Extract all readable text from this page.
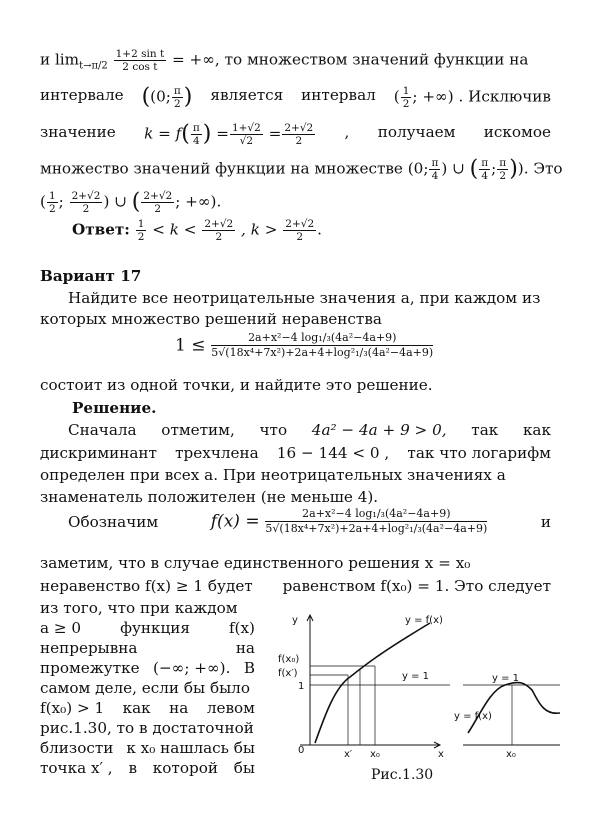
и $\lim_{t\to\pi/2} \frac{\text{1+2 sin t}}{\text{2 cos t}}$ = +∞, то множеством значений функции на
интервале ((0; $\frac{\pi}{2}$ ) является интервал ( $\frac{1}{2}$ ; +∞) . Исключив
значение $k = f( \frac{\pi}{4}$ ) = $\frac{1+√2}{√2} = \frac{2+√2}{2}$ , получаем искомое
множество значений функции на множестве (0; $\frac{\pi}{4}$ ) ∪ ( $\frac{\pi}{4}$ ; $\frac{\pi}{2}$ )). Это
( $\frac{1}{2}$ ; $\frac{2+√2}{2}$ ) ∪ ( $\frac{2+√2}{2}$ ; +∞).
Ответ: $\frac{1}{2} < k < \frac{2+√2}{2}$ , $k > \frac{2+√2}{2}$ .
Вариант 17
Найдите все неотрицательные значения a, при каждом из
которых множество решений неравенства
$1 \le \frac{\text{2a+x²−4 log₁/₃(4a²−4a+9)}}{\text{5√(18x⁴+7x²)+2a+4+log²₁/₃(4a²−4a+9)}}$
состоит из одной точки, и найдите это решение.
Решение.
Сначала отметим, что 4a² − 4a + 9 > 0, так как
дискриминант трехчлена 16 − 144 < 0 , так что логарифм
определен при всех a. При неотрицательных значениях a
знаменатель положителен (не меньше 4).
Обозначим	$f(x) = \frac{\text{2a+x²−4 log₁/₃(4a²−4a+9)}}{\text{5√(18x⁴+7x²)+2a+4+log²₁/₃(4a²−4a+9)}}$	и
заметим, что в случае единственного решения x = x₀
неравенство f(x) ≥ 1 будет равенством f(x₀) = 1. Это следует
из того, что при каждом
a ≥ 0	функция	f(x)
непрерывна	на
промежутке (−∞; +∞). В
самом деле, если бы было
f(x₀) > 1 как на левом
рис.1.30, то в достаточной
близости к x₀ нашлась бы
точка x′ , в которой бы
y
x
y = f(x)
y = 1
f(x₀)
f(x′)
1
0	x′ x₀
y = 1
y = f(x)
x₀
Рис.1.30
